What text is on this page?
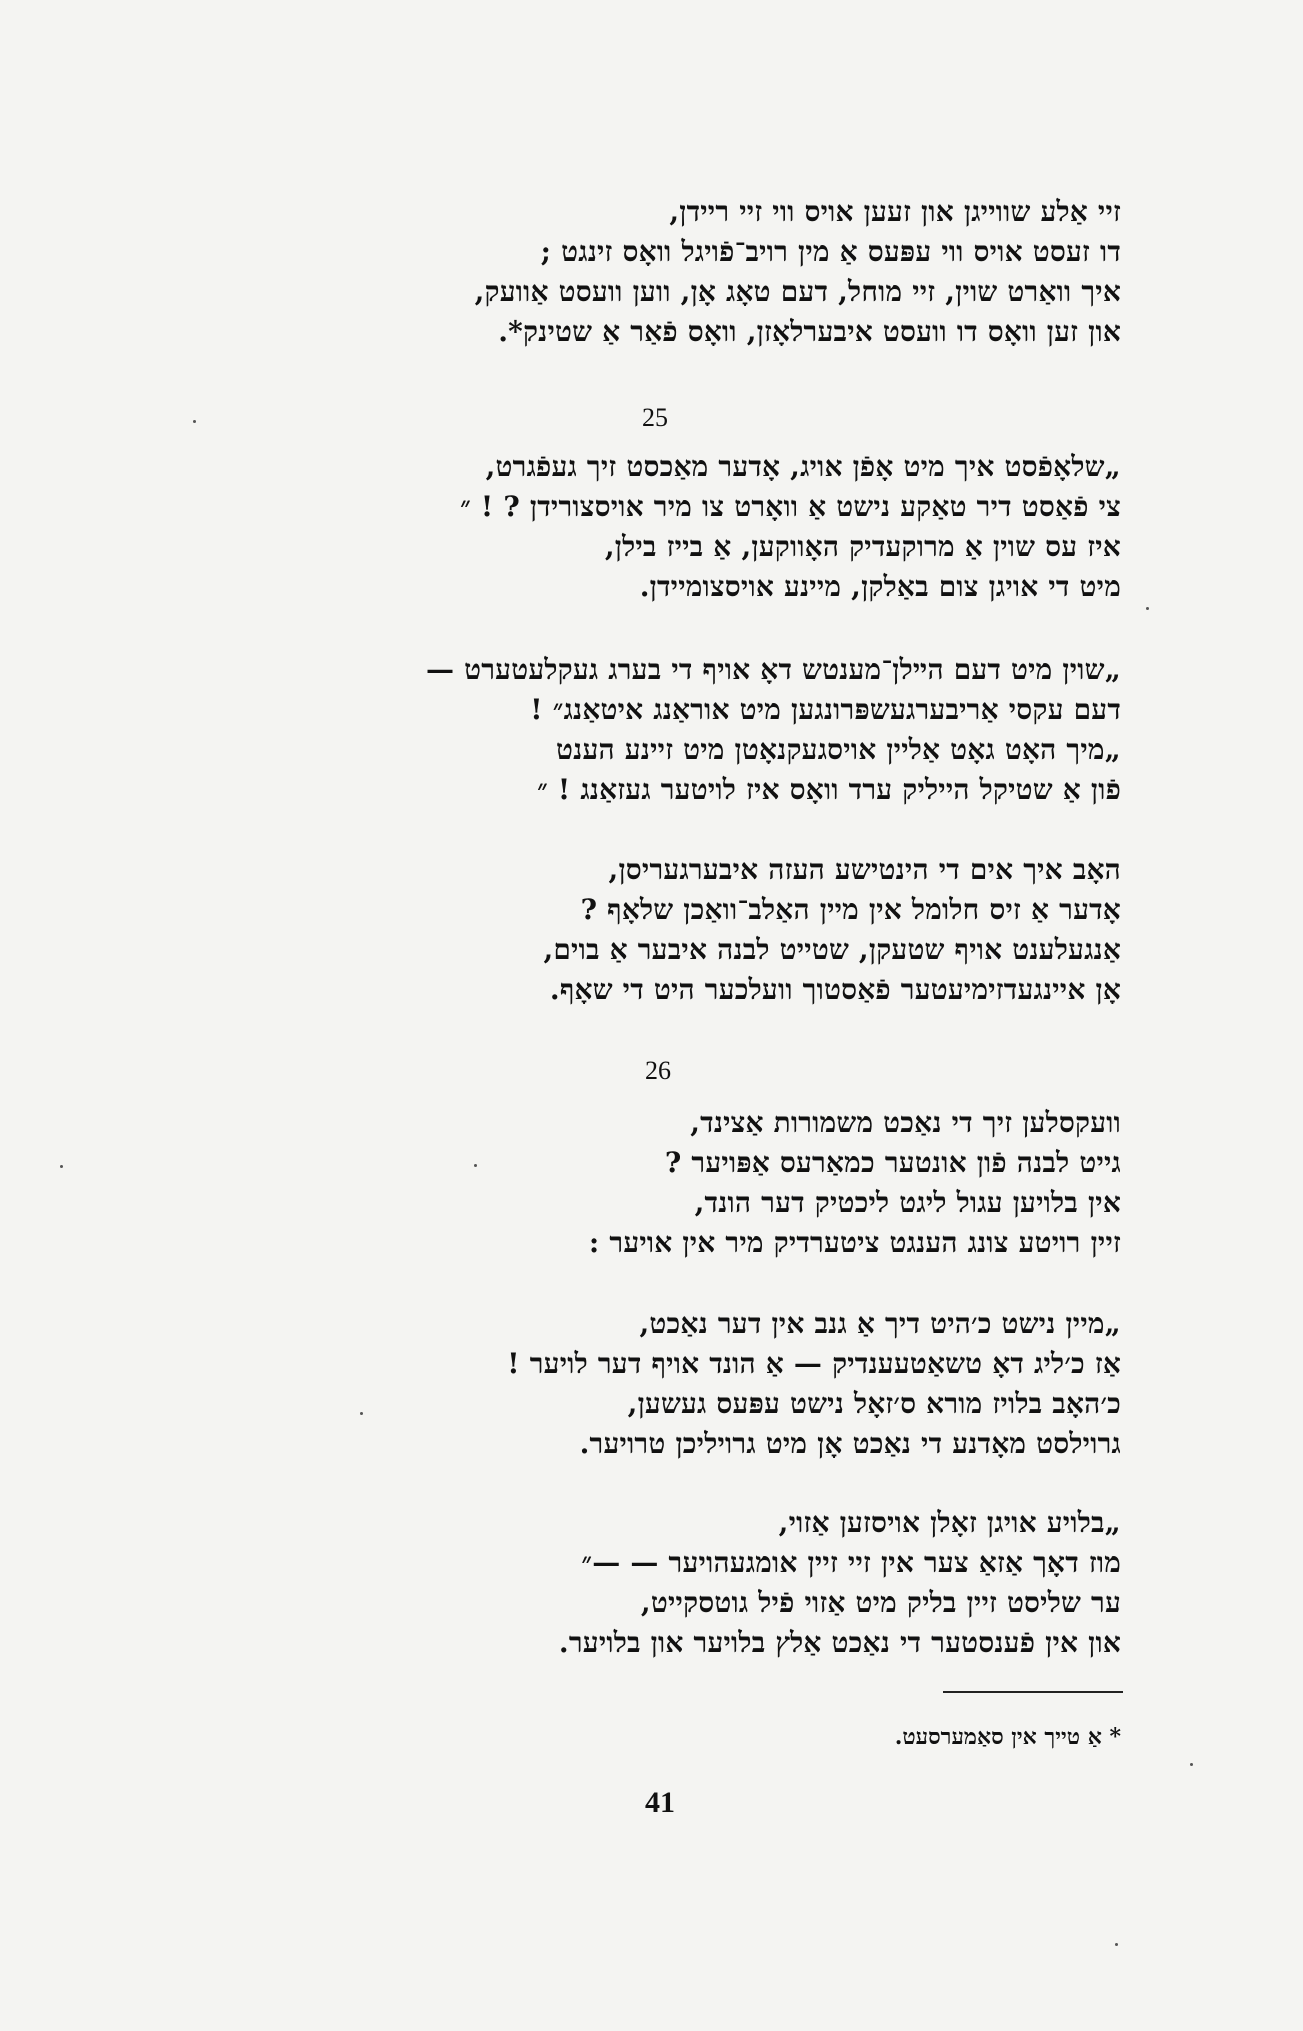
זיי אַלע שווייגן און זעען אויס ווי זיי ריידן,
דו זעסט אויס ווי עפּעס אַ מין רויב־פֿויגל וואָס זינגט ;
איך וואַרט שוין, זיי מוחל, דעם טאָג אָן, ווען וועסט אַוועק,
און זען וואָס דו וועסט איבערלאָזן, וואָס פֿאַר אַ שטינק*.
25
„שלאָפֿסט איך מיט אָפֿן אויג, אָדער מאַכסט זיך געפֿגרט,
צי פֿאַסט דיר טאַקע נישט אַ וואָרט צו מיר אויסצורידן ? ! ״
איז עס שוין אַ מרוקעדיק האָווקען, אַ בייז בילן,
מיט די אויגן צום באַלקן, מיינע אויסצומיידן.
„שוין מיט דעם הײלן־מענטש דאָ אויף די בערג געקלעטערט —
דעם עקסי אַריבערגעשפּרונגען מיט אוראַנג איטאַנג״ !
„מיך האָט גאָט אַליין אויסגעקנאָטן מיט זיינע הענט
פֿון אַ שטיקל הייליק ערד וואָס איז לויטער געזאַנג ! ״
האָב איך אים די הינטישע העזה איבערגעריסן,
אָדער אַ זיס חלומל אין מיין האַלב־וואַכן שלאָף ?
אַנגעלענט אויף שטעקן, שטייט לבנה איבער אַ בוים,
אָן איינגעדזימיעטער פֿאַסטוך וועלכער היט די שאָף.
26
וועקסלען זיך די נאַכט משמורות אַצינד,
גייט לבנה פֿון אונטער כמאַרעס אַפּויער ?
אין בלויען עגול ליגט ליכטיק דער הונד,
זיין רויטע צונג הענגט ציטערדיק מיר אין אויער :
„מיין נישט כ׳היט דיך אַ גנב אין דער נאַכט,
אַז כ׳ליג דאָ טשאַטעענדיק — אַ הונד אויף דער לויער !
כ׳האָב בלויז מורא ס׳זאָל נישט עפּעס געשען,
גרוילסט מאָדנע די נאַכט אָן מיט גרויליכן טרויער.
„בלויע אויגן זאָלן אויסזען אַזוי,
מוז דאָך אַזאַ צער אין זיי זיין אומגעהויער — —״
ער שליסט זיין בליק מיט אַזוי פֿיל גוטסקייט,
און אין פֿענסטער די נאַכט אַלץ בלויער און בלויער.
* אַ טייך אין סאַמערסעט.
41
